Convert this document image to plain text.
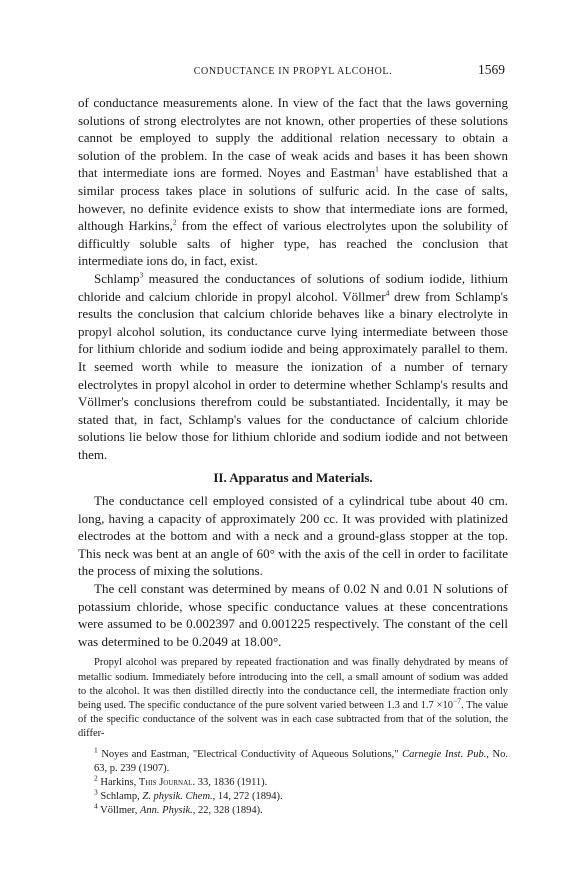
CONDUCTANCE IN PROPYL ALCOHOL.	1569

of conductance measurements alone. In view of the fact that the laws governing solutions of strong electrolytes are not known, other properties of these solutions cannot be employed to supply the additional relation necessary to obtain a solution of the problem. In the case of weak acids and bases it has been shown that intermediate ions are formed. Noyes and Eastman$^1$ have established that a similar process takes place in solutions of sulfuric acid. In the case of salts, however, no definite evidence exists to show that intermediate ions are formed, although Harkins,$^2$ from the effect of various electrolytes upon the solubility of difficultly soluble salts of higher type, has reached the conclusion that intermediate ions do, in fact, exist.

Schlamp$^3$ measured the conductances of solutions of sodium iodide, lithium chloride and calcium chloride in propyl alcohol. Völlmer$^4$ drew from Schlamp's results the conclusion that calcium chloride behaves like a binary electrolyte in propyl alcohol solution, its conductance curve lying intermediate between those for lithium chloride and sodium iodide and being approximately parallel to them. It seemed worth while to measure the ionization of a number of ternary electrolytes in propyl alcohol in order to determine whether Schlamp's results and Völlmer's conclusions therefrom could be substantiated. Incidentally, it may be stated that, in fact, Schlamp's values for the conductance of calcium chloride solutions lie below those for lithium chloride and sodium iodide and not between them.

II. Apparatus and Materials.

The conductance cell employed consisted of a cylindrical tube about 40 cm. long, having a capacity of approximately 200 cc. It was provided with platinized electrodes at the bottom and with a neck and a ground-glass stopper at the top. This neck was bent at an angle of 60° with the axis of the cell in order to facilitate the process of mixing the solutions.

The cell constant was determined by means of 0.02 N and 0.01 N solutions of potassium chloride, whose specific conductance values at these concentrations were assumed to be 0.002397 and 0.001225 respectively. The constant of the cell was determined to be 0.2049 at 18.00°.

Propyl alcohol was prepared by repeated fractionation and was finally dehydrated by means of metallic sodium. Immediately before introducing into the cell, a small amount of sodium was added to the alcohol. It was then distilled directly into the conductance cell, the intermediate fraction only being used. The specific conductance of the pure solvent varied between 1.3 and $1.7 \times 10^{-7}$. The value of the specific conductance of the solvent was in each case subtracted from that of the solution, the differ-

$^1$ Noyes and Eastman, "Electrical Conductivity of Aqueous Solutions," Carnegie Inst. Pub., No. 63, p. 239 (1907).

$^2$ Harkins, This Journal. 33, 1836 (1911).

$^3$ Schlamp, Z. physik. Chem., 14, 272 (1894).

$^4$ Völlmer, Ann. Physik., 22, 328 (1894).
